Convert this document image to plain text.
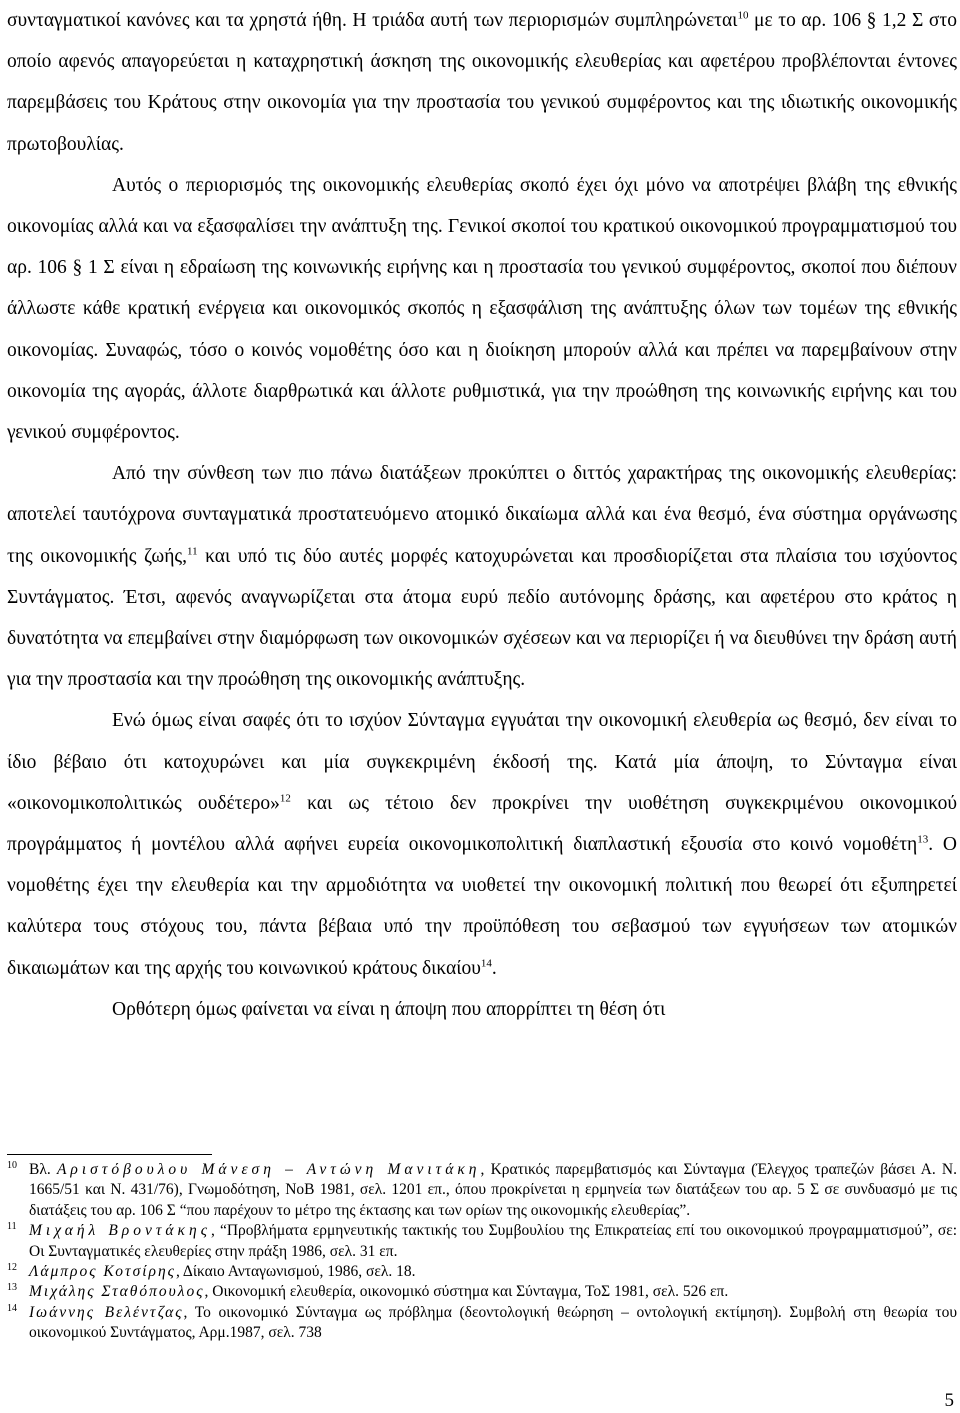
συνταγματικοί κανόνες και τα χρηστά ήθη. Η τριάδα αυτή των περιορισμών συμπληρώνεται$^{10}$ με το αρ. 106 § 1,2 Σ στο οποίο αφενός απαγορεύεται η καταχρηστική άσκηση της οικονομικής ελευθερίας και αφετέρου προβλέπονται έντονες παρεμβάσεις του Κράτους στην οικονομία για την προστασία του γενικού συμφέροντος και της ιδιωτικής οικονομικής πρωτοβουλίας.

Αυτός ο περιορισμός της οικονομικής ελευθερίας σκοπό έχει όχι μόνο να αποτρέψει βλάβη της εθνικής οικονομίας αλλά και να εξασφαλίσει την ανάπτυξη της. Γενικοί σκοποί του κρατικού οικονομικού προγραμματισμού του αρ. 106 § 1 Σ είναι η εδραίωση της κοινωνικής ειρήνης και η προστασία του γενικού συμφέροντος, σκοποί που διέπουν άλλωστε κάθε κρατική ενέργεια και οικονομικός σκοπός η εξασφάλιση της ανάπτυξης όλων των τομέων της εθνικής οικονομίας. Συναφώς, τόσο ο κοινός νομοθέτης όσο και η διοίκηση μπορούν αλλά και πρέπει να παρεμβαίνουν στην οικονομία της αγοράς, άλλοτε διαρθρωτικά και άλλοτε ρυθμιστικά, για την προώθηση της κοινωνικής ειρήνης και του γενικού συμφέροντος.

Από την σύνθεση των πιο πάνω διατάξεων προκύπτει ο διττός χαρακτήρας της οικονομικής ελευθερίας: αποτελεί ταυτόχρονα συνταγματικά προστατευόμενο ατομικό δικαίωμα αλλά και ένα θεσμό, ένα σύστημα οργάνωσης της οικονομικής ζωής,$^{11}$ και υπό τις δύο αυτές μορφές κατοχυρώνεται και προσδιορίζεται στα πλαίσια του ισχύοντος Συντάγματος. Έτσι, αφενός αναγνωρίζεται στα άτομα ευρύ πεδίο αυτόνομης δράσης, και αφετέρου στο κράτος η δυνατότητα να επεμβαίνει στην διαμόρφωση των οικονομικών σχέσεων και να περιορίζει ή να διευθύνει την δράση αυτή για την προστασία και την προώθηση της οικονομικής ανάπτυξης.

Ενώ όμως είναι σαφές ότι το ισχύον Σύνταγμα εγγυάται την οικονομική ελευθερία ως θεσμό, δεν είναι το ίδιο βέβαιο ότι κατοχυρώνει και μία συγκεκριμένη έκδοσή της. Κατά μία άποψη, το Σύνταγμα είναι «οικονομικοπολιτικώς ουδέτερο»$^{12}$ και ως τέτοιο δεν προκρίνει την υιοθέτηση συγκεκριμένου οικονομικού προγράμματος ή μοντέλου αλλά αφήνει ευρεία οικονομικοπολιτική διαπλαστική εξουσία στο κοινό νομοθέτη$^{13}$. Ο νομοθέτης έχει την ελευθερία και την αρμοδιότητα να υιοθετεί την οικονομική πολιτική που θεωρεί ότι εξυπηρετεί καλύτερα τους στόχους του, πάντα βέβαια υπό την προϋπόθεση του σεβασμού των εγγυήσεων των ατομικών δικαιωμάτων και της αρχής του κοινωνικού κράτους δικαίου$^{14}$.

Ορθότερη όμως φαίνεται να είναι η άποψη που απορρίπτει τη θέση ότι

10 Βλ. Αριστόβουλου Μάνεση – Αντώνη Μανιτάκη, Κρατικός παρεμβατισμός και Σύνταγμα (Έλεγχος τραπεζών βάσει Α. Ν. 1665/51 και Ν. 431/76), Γνωμοδότηση, ΝοΒ 1981, σελ. 1201 επ., όπου προκρίνεται η ερμηνεία των διατάξεων του αρ. 5 Σ σε συνδυασμό με τις διατάξεις του αρ. 106 Σ “που παρέχουν το μέτρο της έκτασης και των ορίων της οικονομικής ελευθερίας”.
11 Μιχαήλ Βροντάκης, “Προβλήματα ερμηνευτικής τακτικής του Συμβουλίου της Επικρατείας επί του οικονομικού προγραμματισμού”, σε: Οι Συνταγματικές ελευθερίες στην πράξη 1986, σελ. 31 επ.
12 Λάμπρος Κοτσίρης, Δίκαιο Ανταγωνισμού, 1986, σελ. 18.
13 Μιχάλης Σταθόπουλος, Οικονομική ελευθερία, οικονομικό σύστημα και Σύνταγμα, ΤοΣ 1981, σελ. 526 επ.
14 Ιωάννης Βελέντζας, Το οικονομικό Σύνταγμα ως πρόβλημα (δεοντολογική θεώρηση – οντολογική εκτίμηση). Συμβολή στη θεωρία του οικονομικού Συντάγματος, Αρμ.1987, σελ. 738
5
